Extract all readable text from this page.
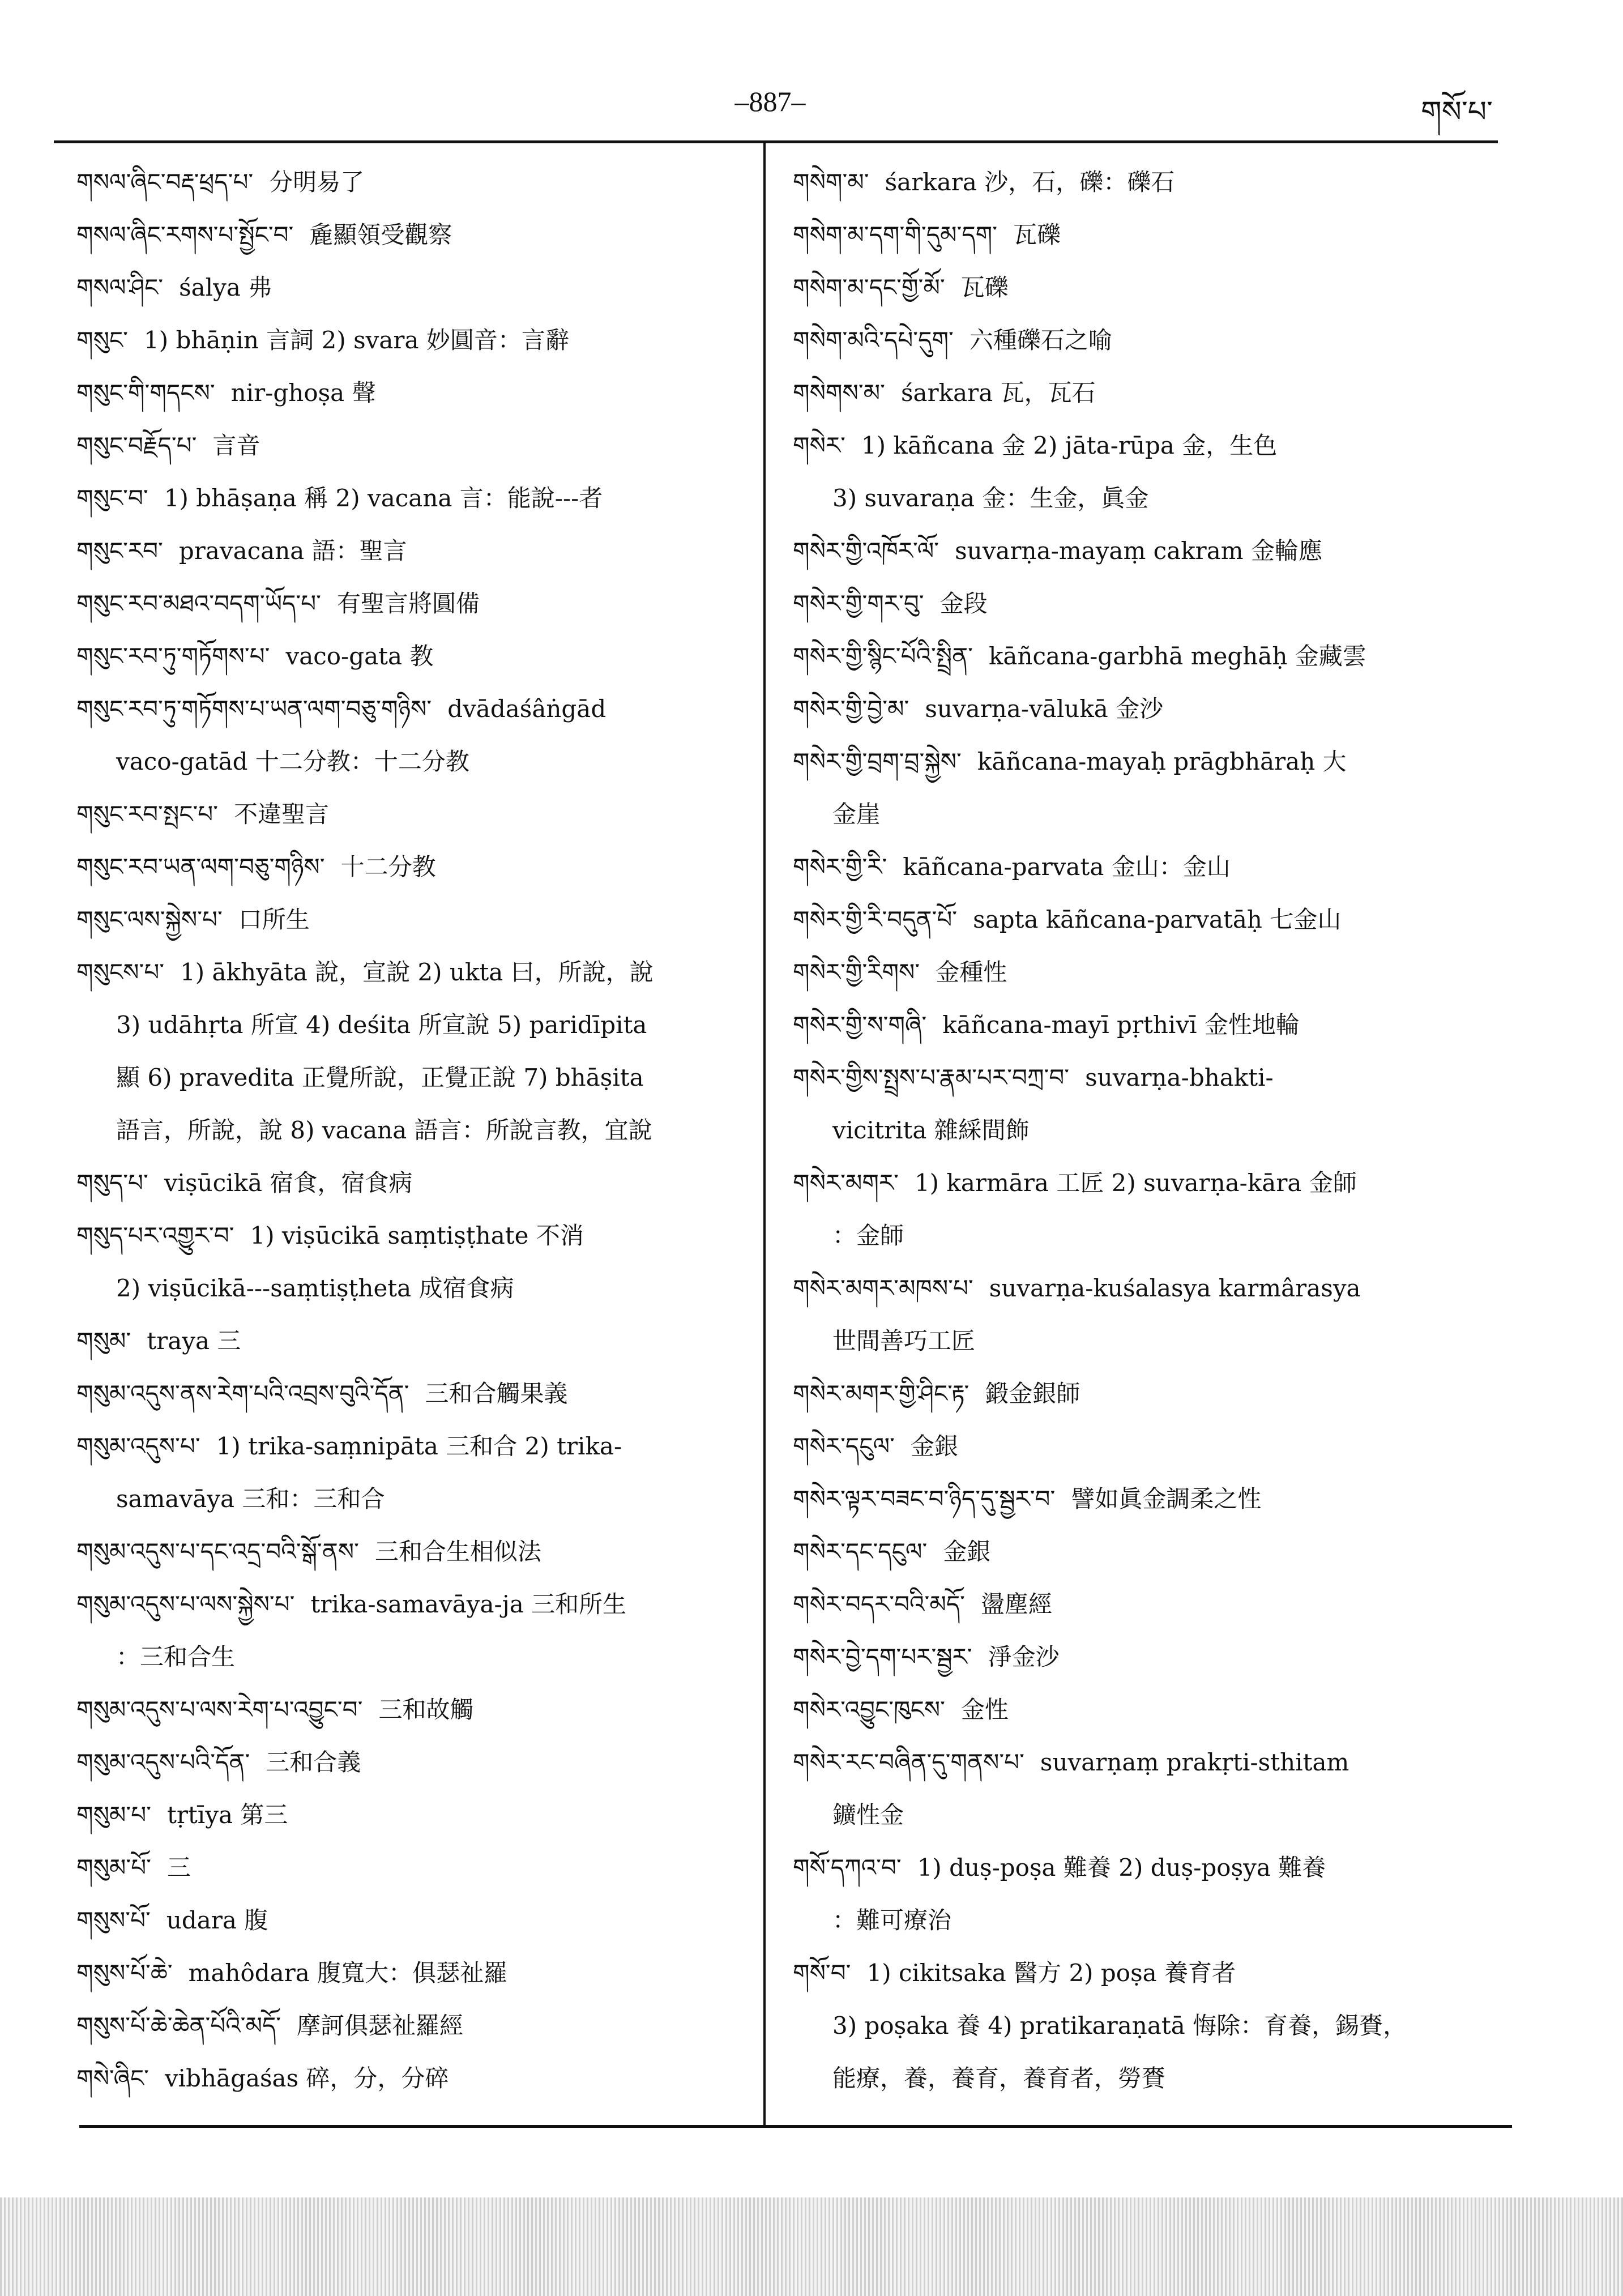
–887–	གསོ་པ་
གསལ་ཞིང་བརྡ་ཕྲད་པ་ 分明易了
གསལ་ཞིང་རགས་པ་སྤྱོང་བ་ 麁顯領受觀察
གསལ་ཤིང་ śalya 弗
གསུང་ 1) bhāṇin 言詞 2) svara 妙圓音：言辭
གསུང་གི་གདངས་ nir-ghoṣa 聲
གསུང་བརྗོད་པ་ 言音
གསུང་བ་ 1) bhāṣaṇa 稱 2) vacana 言：能說---者
གསུང་རབ་ pravacana 語：聖言
གསུང་རབ་མཐའ་བདག་ཡོད་པ་ 有聖言將圓備
གསུང་རབ་ཏུ་གཏོགས་པ་ vaco-gata 教
གསུང་རབ་ཏུ་གཏོགས་པ་ཡན་ལག་བཅུ་གཉིས་ dvādaśâṅgād
vaco-gatād 十二分教：十二分教
གསུང་རབ་སྤང་པ་ 不違聖言
གསུང་རབ་ཡན་ལག་བཅུ་གཉིས་ 十二分教
གསུང་ལས་སྐྱེས་པ་ 口所生
གསུངས་པ་ 1) ākhyāta 說，宣說 2) ukta 曰，所說，說
3) udāhṛta 所宣 4) deśita 所宣說 5) paridīpita
顯 6) pravedita 正覺所說，正覺正說 7) bhāṣita
語言，所說，說 8) vacana 語言：所說言教，宜說
གསུད་པ་ viṣūcikā 宿食，宿食病
གསུད་པར་འགྱུར་བ་ 1) viṣūcikā saṃtiṣṭhate 不消
2) viṣūcikā---saṃtiṣṭheta 成宿食病
གསུམ་ traya 三
གསུམ་འདུས་ནས་རེག་པའི་འབྲས་བུའི་དོན་ 三和合觸果義
གསུམ་འདུས་པ་ 1) trika-saṃnipāta 三和合 2) trika-
samavāya 三和：三和合
གསུམ་འདུས་པ་དང་འདྲ་བའི་སྒོ་ནས་ 三和合生相似法
གསུམ་འདུས་པ་ལས་སྐྱེས་པ་ trika-samavāya-ja 三和所生
：三和合生
གསུམ་འདུས་པ་ལས་རེག་པ་འབྱུང་བ་ 三和故觸
གསུམ་འདུས་པའི་དོན་ 三和合義
གསུམ་པ་ tṛtīya 第三
གསུམ་པོ་ 三
གསུས་པོ་ udara 腹
གསུས་པོ་ཆེ་ mahôdara 腹寬大：俱瑟祉羅
གསུས་པོ་ཆེ་ཆེན་པོའི་མདོ་ 摩訶俱瑟祉羅經
གསེ་ཞིང་ vibhāgaśas 碎，分，分碎
གསེག་མ་ śarkara 沙，石，礫：礫石
གསེག་མ་དག་གི་དུམ་དག་ 瓦礫
གསེག་མ་དང་གྱོ་མོ་ 瓦礫
གསེག་མའི་དཔེ་དུག་ 六種礫石之喻
གསེགས་མ་ śarkara 瓦，瓦石
གསེར་ 1) kāñcana 金 2) jāta-rūpa 金，生色
3) suvaraṇa 金：生金，眞金
གསེར་གྱི་འཁོར་ལོ་ suvarṇa-mayaṃ cakram 金輪應
གསེར་གྱི་གར་བུ་ 金段
གསེར་གྱི་སྙིང་པོའི་སྤྲིན་ kāñcana-garbhā meghāḥ 金藏雲
གསེར་གྱི་བྱེ་མ་ suvarṇa-vālukā 金沙
གསེར་གྱི་བྲག་བྲ་སྐྱེས་ kāñcana-mayaḥ prāgbhāraḥ 大
金崖
གསེར་གྱི་རི་ kāñcana-parvata 金山：金山
གསེར་གྱི་རི་བདུན་པོ་ sapta kāñcana-parvatāḥ 七金山
གསེར་གྱི་རིགས་ 金種性
གསེར་གྱི་ས་གཞི་ kāñcana-mayī pṛthivī 金性地輪
གསེར་གྱིས་སྤྲས་པ་རྣམ་པར་བཀྲ་བ་ suvarṇa-bhakti-
vicitrita 雜綵間飾
གསེར་མགར་ 1) karmāra 工匠 2) suvarṇa-kāra 金師
：金師
གསེར་མགར་མཁས་པ་ suvarṇa-kuśalasya karmârasya
世間善巧工匠
གསེར་མགར་གྱི་ཤིང་རྟ་ 鍛金銀師
གསེར་དངུལ་ 金銀
གསེར་ལྟར་བཟང་བ་ཉིད་དུ་སྦྱར་བ་ 譬如眞金調柔之性
གསེར་དང་དངུལ་ 金銀
གསེར་བདར་བའི་མདོ་ 盪塵經
གསེར་བྱེ་དག་པར་སྦྱར་ 淨金沙
གསེར་འབྱུང་ཁུངས་ 金性
གསེར་རང་བཞིན་དུ་གནས་པ་ suvarṇaṃ prakṛti-sthitam
鑛性金
གསོ་དཀའ་བ་ 1) duṣ-poṣa 難養 2) duṣ-poṣya 難養
：難可療治
གསོ་བ་ 1) cikitsaka 醫方 2) poṣa 養育者
3) poṣaka 養 4) pratikaraṇatā 悔除：育養，錫賚，
能療，養，養育，養育者，勞賚
